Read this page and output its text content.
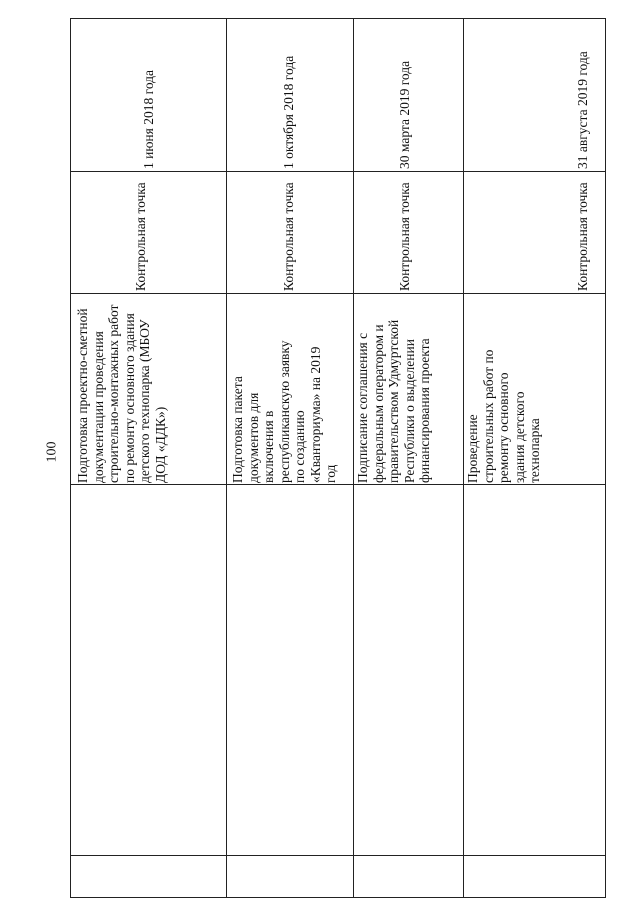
100 Подготовка проектно-сметной документации проведения строительно-монтажных работ по ремонту основного здания детского технопарка (МБОУ ДОД «ДДК»)
Контрольная точка
1 июня 2018 года
Подготовка пакета документов для включения в республиканскую заявку по созданию «Кванториума» на 2019 год
Контрольная точка
1 октября 2018 года
Подписание соглашения с федеральным оператором и правительством Удмуртской Республики о выделении финансирования проекта
Контрольная точка
30 марта 2019 года
Проведение строительных работ по ремонту основного здания детского технопарка
Контрольная точка
31 августа 2019 года
